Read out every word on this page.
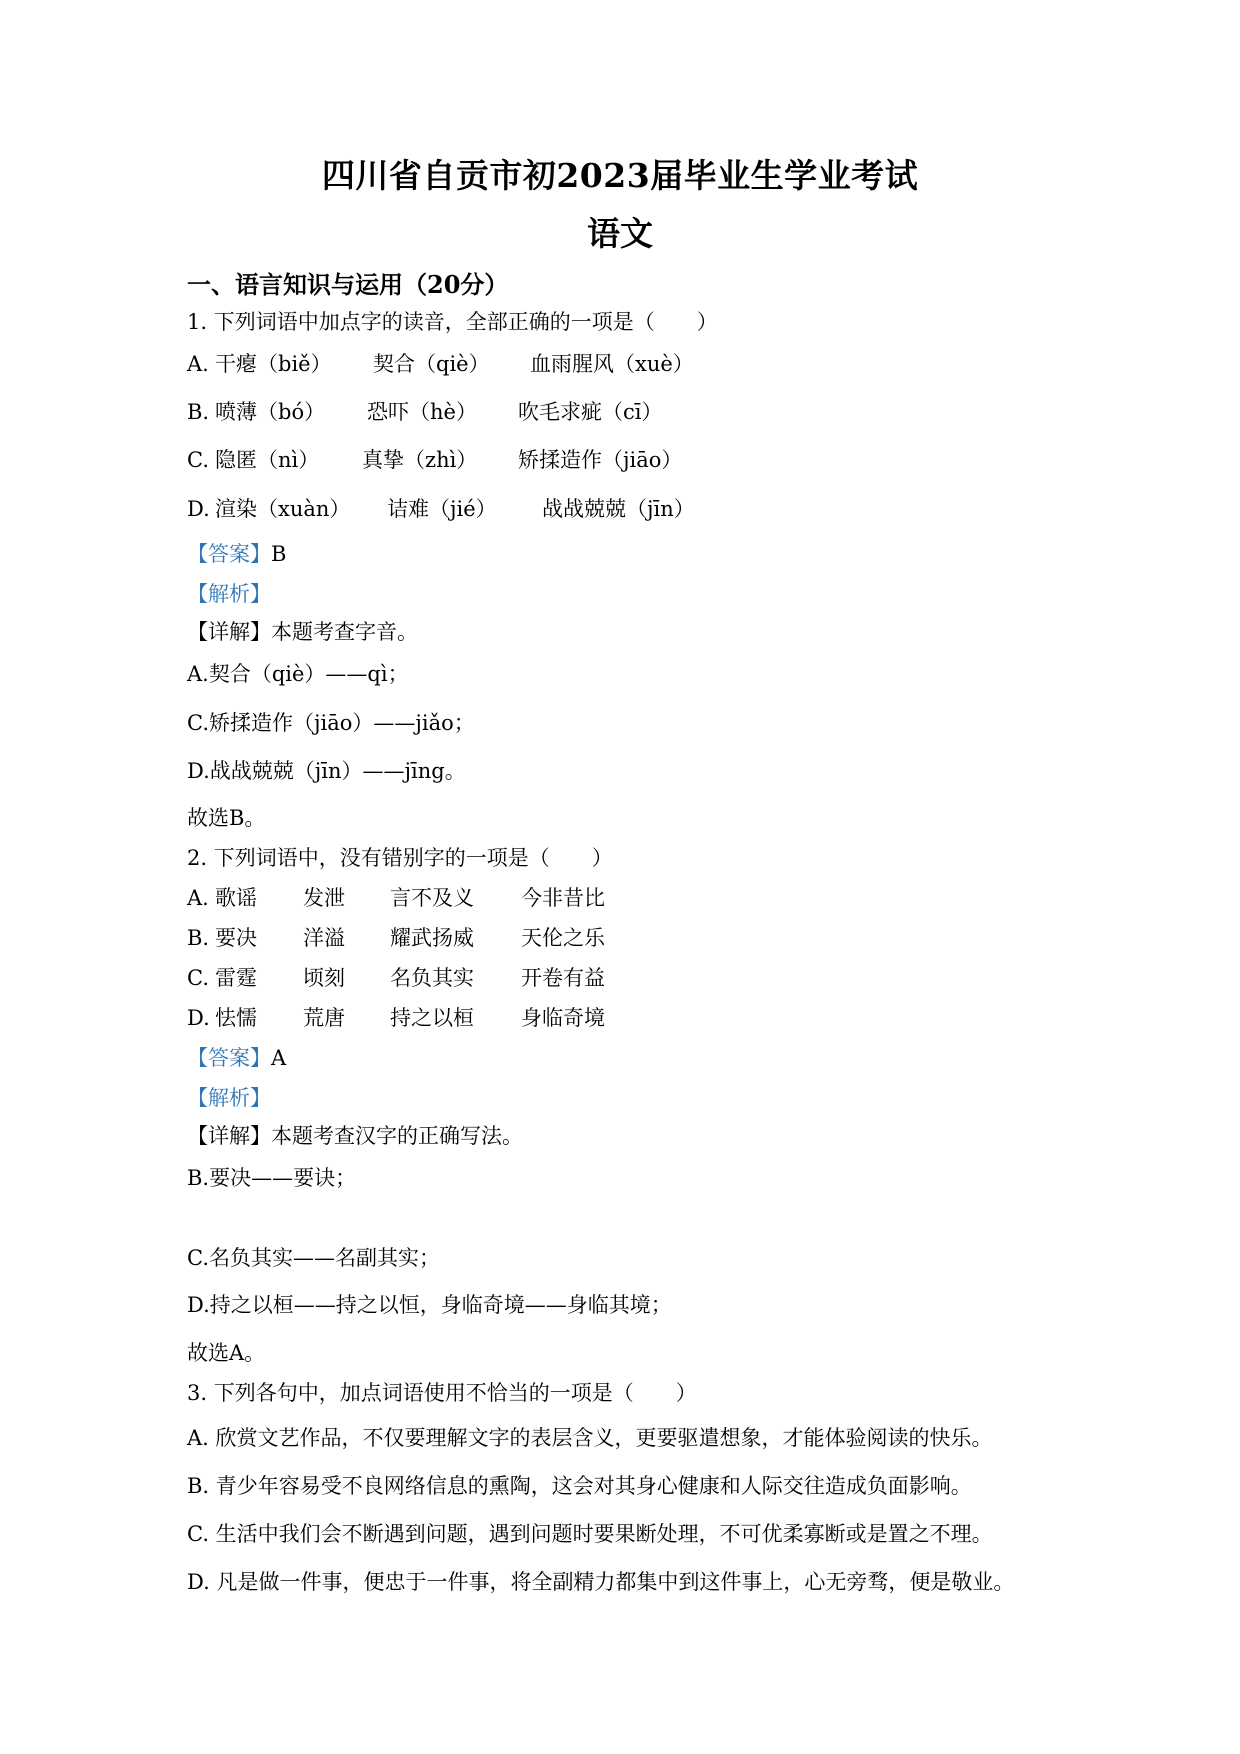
四川省自贡市初2023届毕业生学业考试
语文
一、语言知识与运用（20分）
1. 下列词语中加点字的读音，全部正确的一项是（　　）
A. 干瘪（biě） 契合（qiè） 血雨腥风（xuè）
B. 喷薄（bó） 恐吓（hè） 吹毛求疵（cī）
C. 隐匿（nì） 真挚（zhì） 矫揉造作（jiāo）
D. 渲染（xuàn） 诘难（jié） 战战兢兢（jīn）
【答案】B
【解析】
【详解】本题考查字音。
A.契合（qiè）——qì；
C.矫揉造作（jiāo）——jiǎo；
D.战战兢兢（jīn）——jīng。
故选B。
2. 下列词语中，没有错别字的一项是（　　）
A. 歌谣 发泄 言不及义 今非昔比
B. 要决 洋溢 耀武扬威 天伦之乐
C. 雷霆 顷刻 名负其实 开卷有益
D. 怯懦 荒唐 持之以桓 身临奇境
【答案】A
【解析】
【详解】本题考查汉字的正确写法。
B.要决——要诀；
C.名负其实——名副其实；
D.持之以桓——持之以恒，身临奇境——身临其境；
故选A。
3. 下列各句中，加点词语使用不恰当的一项是（　　）
A. 欣赏文艺作品，不仅要理解文字的表层含义，更要驱遣想象，才能体验阅读的快乐。
B. 青少年容易受不良网络信息的熏陶，这会对其身心健康和人际交往造成负面影响。
C. 生活中我们会不断遇到问题，遇到问题时要果断处理，不可优柔寡断或是置之不理。
D. 凡是做一件事，便忠于一件事，将全副精力都集中到这件事上，心无旁骛，便是敬业。
